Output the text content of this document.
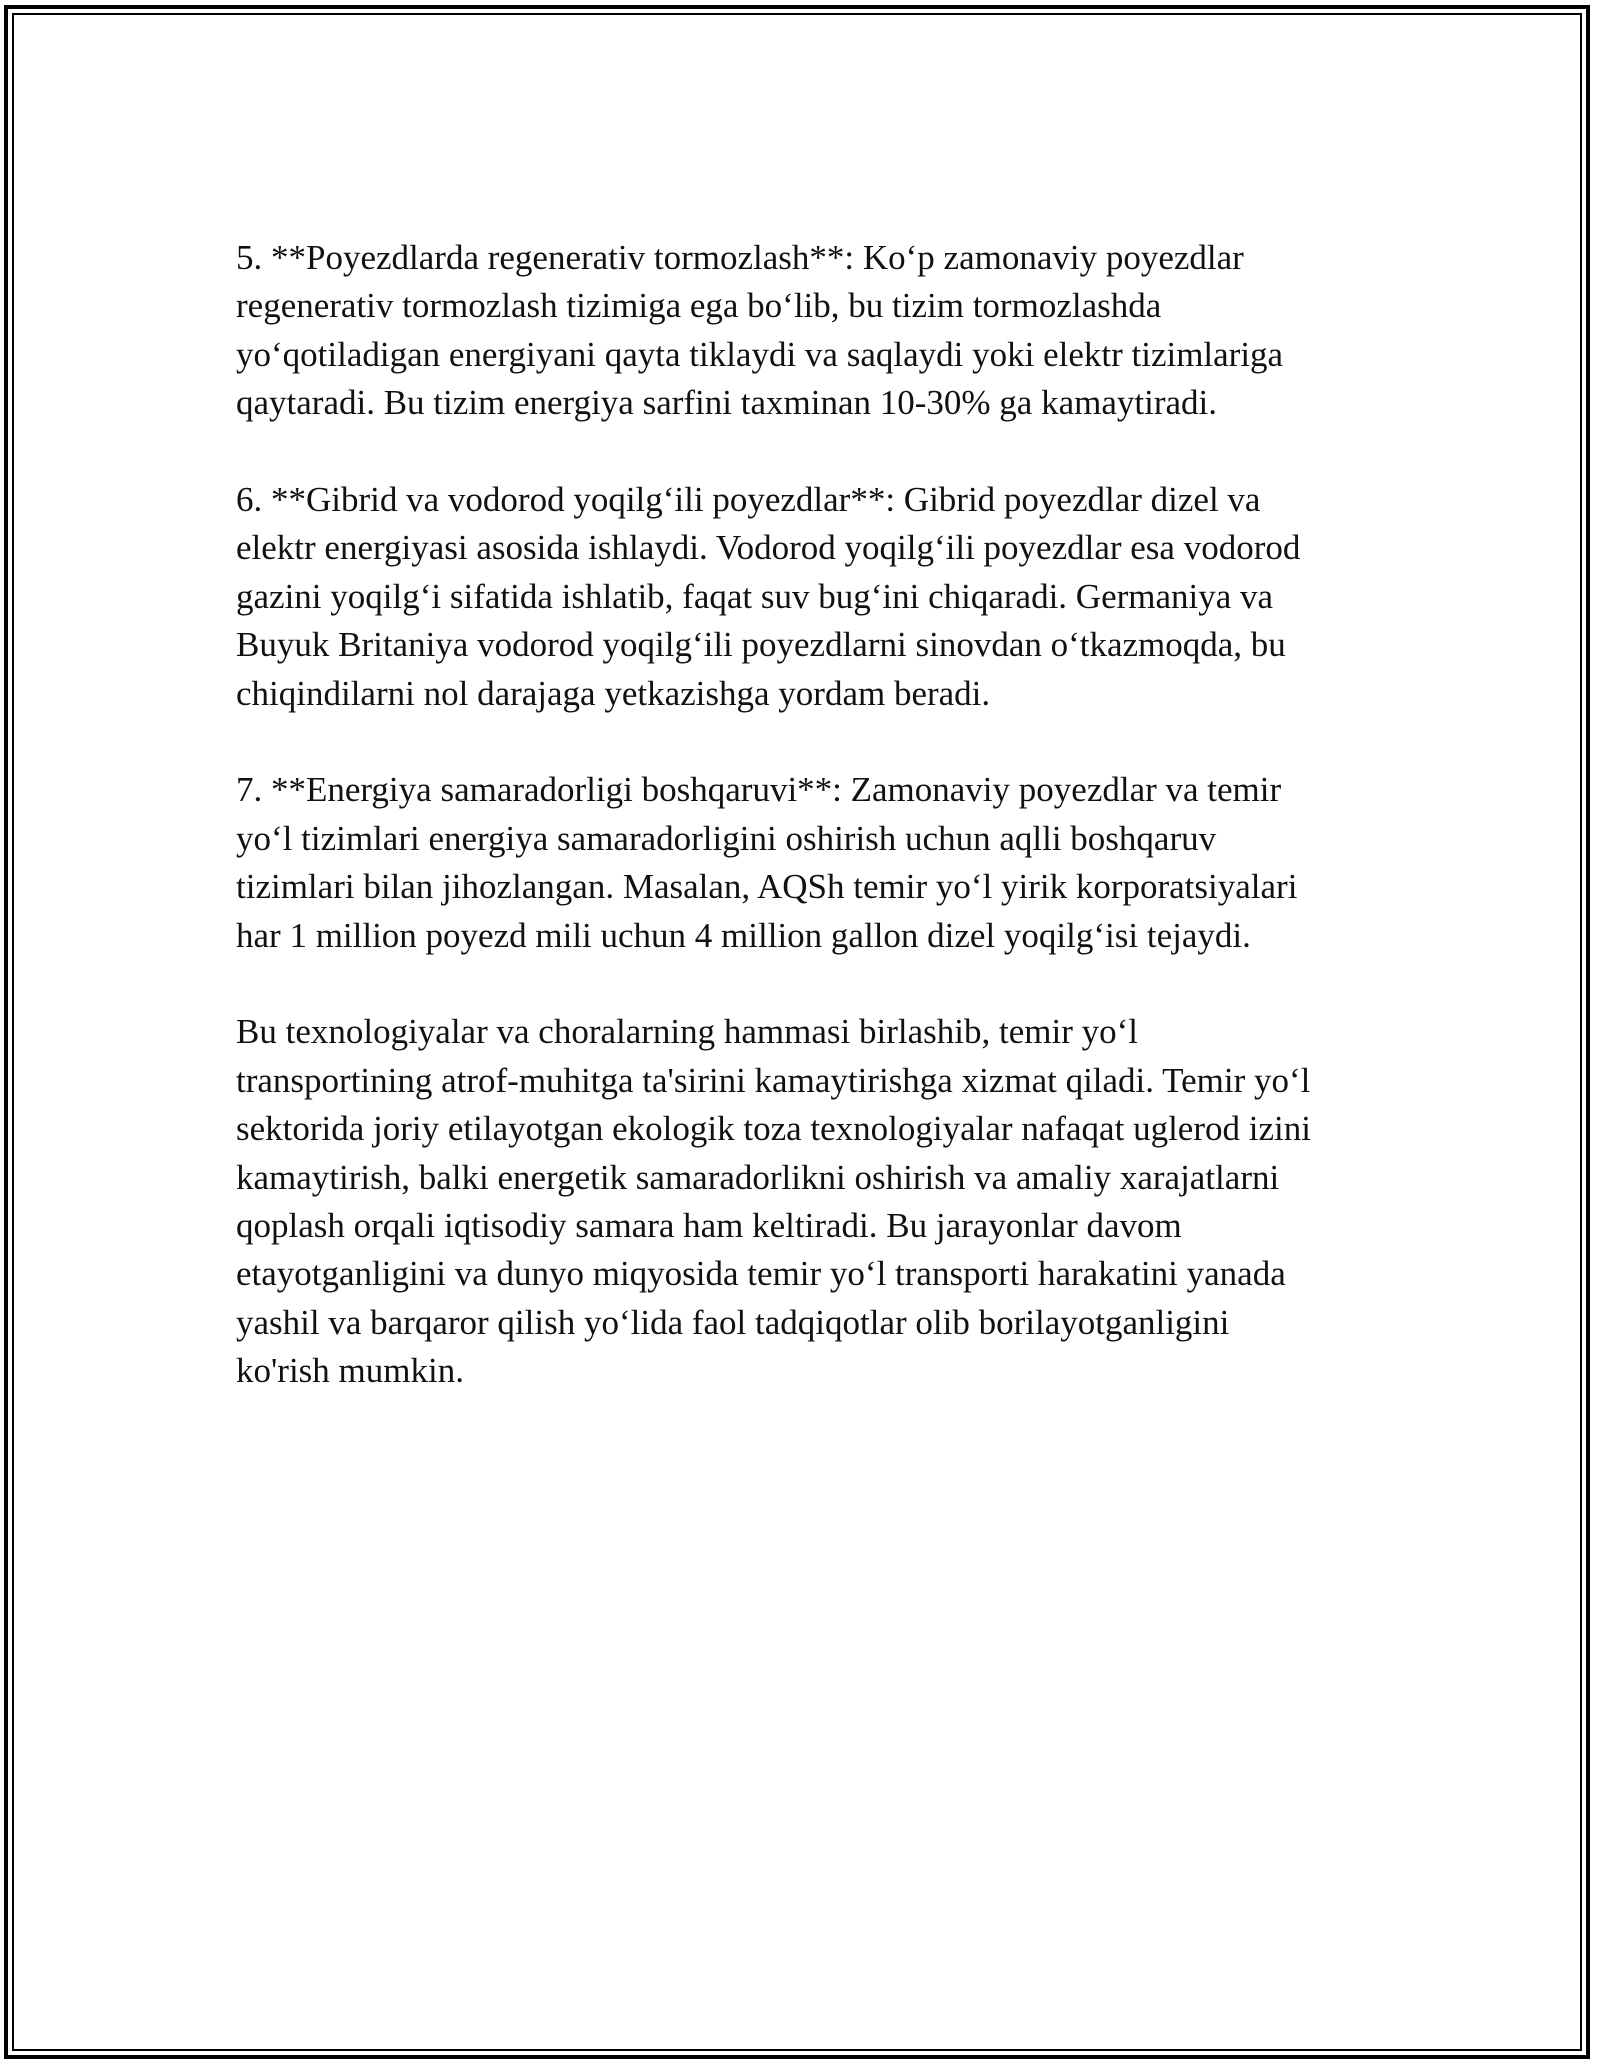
5. **Poyezdlarda regenerativ tormozlash**: Ko‘p zamonaviy poyezdlar
regenerativ tormozlash tizimiga ega bo‘lib, bu tizim tormozlashda
yo‘qotiladigan energiyani qayta tiklaydi va saqlaydi yoki elektr tizimlariga
qaytaradi. Bu tizim energiya sarfini taxminan 10-30% ga kamaytiradi.

6. **Gibrid va vodorod yoqilg‘ili poyezdlar**: Gibrid poyezdlar dizel va
elektr energiyasi asosida ishlaydi. Vodorod yoqilg‘ili poyezdlar esa vodorod
gazini yoqilg‘i sifatida ishlatib, faqat suv bug‘ini chiqaradi. Germaniya va
Buyuk Britaniya vodorod yoqilg‘ili poyezdlarni sinovdan o‘tkazmoqda, bu
chiqindilarni nol darajaga yetkazishga yordam beradi.

7. **Energiya samaradorligi boshqaruvi**: Zamonaviy poyezdlar va temir
yo‘l tizimlari energiya samaradorligini oshirish uchun aqlli boshqaruv
tizimlari bilan jihozlangan. Masalan, AQSh temir yo‘l yirik korporatsiyalari
har 1 million poyezd mili uchun 4 million gallon dizel yoqilg‘isi tejaydi.

Bu texnologiyalar va choralarning hammasi birlashib, temir yo‘l
transportining atrof-muhitga ta'sirini kamaytirishga xizmat qiladi. Temir yo‘l
sektorida joriy etilayotgan ekologik toza texnologiyalar nafaqat uglerod izini
kamaytirish, balki energetik samaradorlikni oshirish va amaliy xarajatlarni
qoplash orqali iqtisodiy samara ham keltiradi. Bu jarayonlar davom
etayotganligini va dunyo miqyosida temir yo‘l transporti harakatini yanada
yashil va barqaror qilish yo‘lida faol tadqiqotlar olib borilayotganligini
ko'rish mumkin.
